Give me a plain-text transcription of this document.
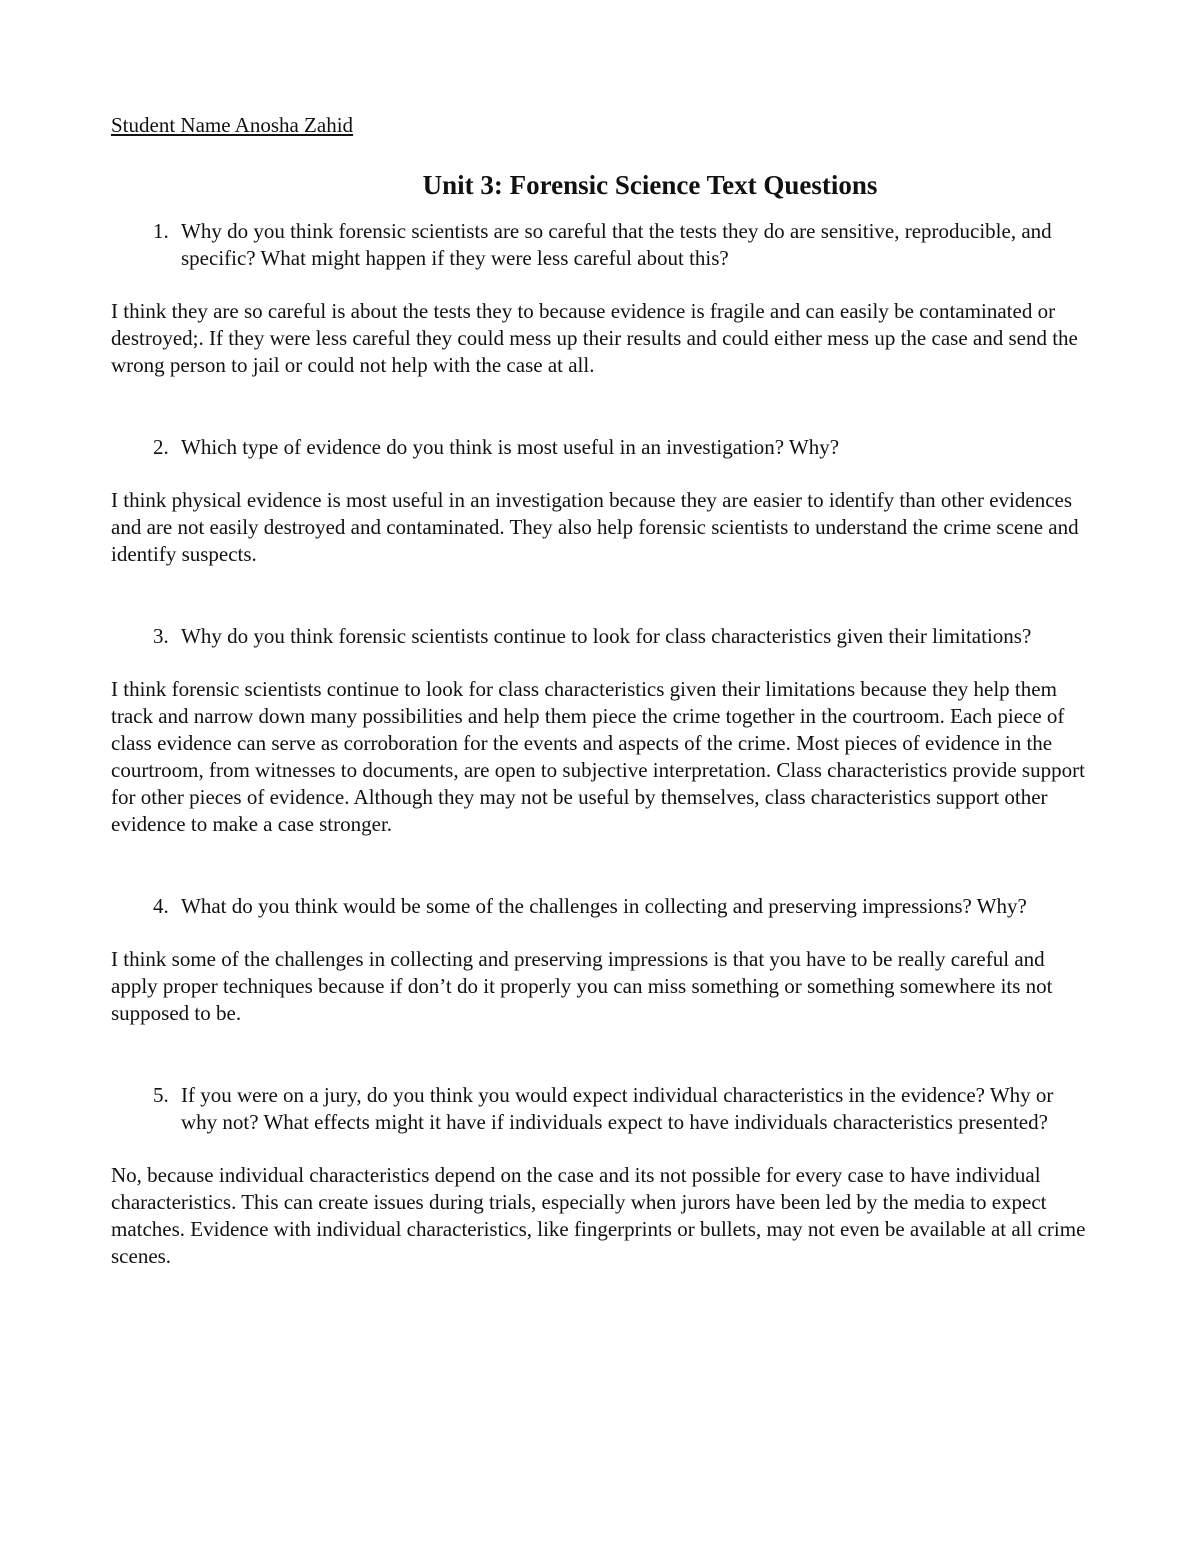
Student Name Anosha Zahid

Unit 3: Forensic Science Text Questions

1. Why do you think forensic scientists are so careful that the tests they do are sensitive, reproducible, and specific? What might happen if they were less careful about this?

I think they are so careful is about the tests they to because evidence is fragile and can easily be contaminated or destroyed;. If they were less careful they could mess up their results and could either mess up the case and send the wrong person to jail or could not help with the case at all.

2. Which type of evidence do you think is most useful in an investigation? Why?

I think physical evidence is most useful in an investigation because they are easier to identify than other evidences and are not easily destroyed and contaminated. They also help forensic scientists to understand the crime scene and identify suspects.

3. Why do you think forensic scientists continue to look for class characteristics given their limitations?

I think forensic scientists continue to look for class characteristics given their limitations because they help them track and narrow down many possibilities and help them piece the crime together in the courtroom. Each piece of class evidence can serve as corroboration for the events and aspects of the crime. Most pieces of evidence in the courtroom, from witnesses to documents, are open to subjective interpretation. Class characteristics provide support for other pieces of evidence. Although they may not be useful by themselves, class characteristics support other evidence to make a case stronger.

4. What do you think would be some of the challenges in collecting and preserving impressions? Why?

I think some of the challenges in collecting and preserving impressions is that you have to be really careful and apply proper techniques because if don’t do it properly you can miss something or something somewhere its not supposed to be.

5. If you were on a jury, do you think you would expect individual characteristics in the evidence? Why or why not? What effects might it have if individuals expect to have individuals characteristics presented?

No, because individual characteristics depend on the case and its not possible for every case to have individual characteristics. This can create issues during trials, especially when jurors have been led by the media to expect matches. Evidence with individual characteristics, like fingerprints or bullets, may not even be available at all crime scenes.
